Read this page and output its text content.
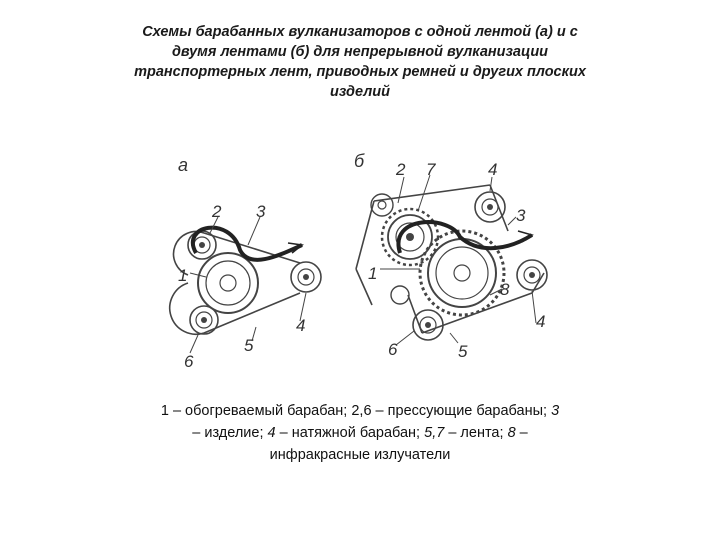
Схемы барабанных вулканизаторов с одной лентой (а) и с двумя лентами (б) для непрерывной вулканизации транспортерных лент, приводных ремней и других плоских изделий
а
2 3
1
4
5
6
б 2 7	4
3
1
8
4
5
6
1 – обогреваемый барабан; 2,6 – прессующие барабаны; 3 – изделие; 4 – натяжной барабан; 5,7 – лента; 8 – инфракрасные излучатели
